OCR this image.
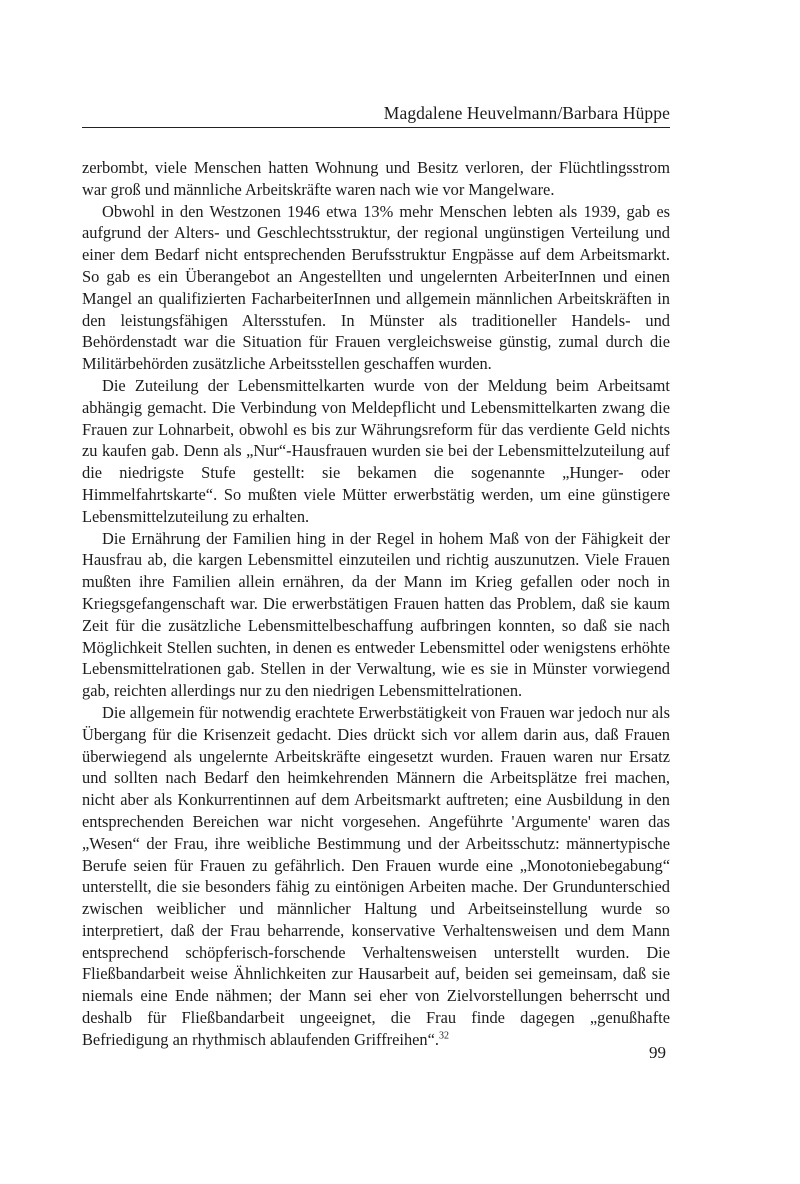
Magdalene Heuvelmann/Barbara Hüppe

zerbombt, viele Menschen hatten Wohnung und Besitz verloren, der Flüchtlingsstrom war groß und männliche Arbeitskräfte waren nach wie vor Mangelware.

Obwohl in den Westzonen 1946 etwa 13% mehr Menschen lebten als 1939, gab es aufgrund der Alters- und Geschlechtsstruktur, der regional ungünstigen Verteilung und einer dem Bedarf nicht entsprechenden Berufsstruktur Engpässe auf dem Arbeitsmarkt. So gab es ein Überangebot an Angestellten und ungelernten ArbeiterInnen und einen Mangel an qualifizierten FacharbeiterInnen und allgemein männlichen Arbeitskräften in den leistungsfähigen Altersstufen. In Münster als traditioneller Handels- und Behördenstadt war die Situation für Frauen vergleichsweise günstig, zumal durch die Militärbehörden zusätzliche Arbeitsstellen geschaffen wurden.

Die Zuteilung der Lebensmittelkarten wurde von der Meldung beim Arbeitsamt abhängig gemacht. Die Verbindung von Meldepflicht und Lebensmittelkarten zwang die Frauen zur Lohnarbeit, obwohl es bis zur Währungsreform für das verdiente Geld nichts zu kaufen gab. Denn als „Nur“-Hausfrauen wurden sie bei der Lebensmittelzuteilung auf die niedrigste Stufe gestellt: sie bekamen die sogenannte „Hunger- oder Himmelfahrtskarte“. So mußten viele Mütter erwerbstätig werden, um eine günstigere Lebensmittelzuteilung zu erhalten.

Die Ernährung der Familien hing in der Regel in hohem Maß von der Fähigkeit der Hausfrau ab, die kargen Lebensmittel einzuteilen und richtig auszunutzen. Viele Frauen mußten ihre Familien allein ernähren, da der Mann im Krieg gefallen oder noch in Kriegsgefangenschaft war. Die erwerbstätigen Frauen hatten das Problem, daß sie kaum Zeit für die zusätzliche Lebensmittelbeschaffung aufbringen konnten, so daß sie nach Möglichkeit Stellen suchten, in denen es entweder Lebensmittel oder wenigstens erhöhte Lebensmittelrationen gab. Stellen in der Verwaltung, wie es sie in Münster vorwiegend gab, reichten allerdings nur zu den niedrigen Lebensmittelrationen.

Die allgemein für notwendig erachtete Erwerbstätigkeit von Frauen war jedoch nur als Übergang für die Krisenzeit gedacht. Dies drückt sich vor allem darin aus, daß Frauen überwiegend als ungelernte Arbeitskräfte eingesetzt wurden. Frauen waren nur Ersatz und sollten nach Bedarf den heimkehrenden Männern die Arbeitsplätze frei machen, nicht aber als Konkurrentinnen auf dem Arbeitsmarkt auftreten; eine Ausbildung in den entsprechenden Bereichen war nicht vorgesehen. Angeführte 'Argumente' waren das „Wesen“ der Frau, ihre weibliche Bestimmung und der Arbeitsschutz: männertypische Berufe seien für Frauen zu gefährlich. Den Frauen wurde eine „Monotoniebegabung“ unterstellt, die sie besonders fähig zu eintönigen Arbeiten mache. Der Grundunterschied zwischen weiblicher und männlicher Haltung und Arbeitseinstellung wurde so interpretiert, daß der Frau beharrende, konservative Verhaltensweisen und dem Mann entsprechend schöpferisch-forschende Verhaltensweisen unterstellt wurden. Die Fließbandarbeit weise Ähnlichkeiten zur Hausarbeit auf, beiden sei gemeinsam, daß sie niemals eine Ende nähmen; der Mann sei eher von Zielvorstellungen beherrscht und deshalb für Fließbandarbeit ungeeignet, die Frau finde dagegen „genußhafte Befriedigung an rhythmisch ablaufenden Griffreihen“.$^{32}$

99
